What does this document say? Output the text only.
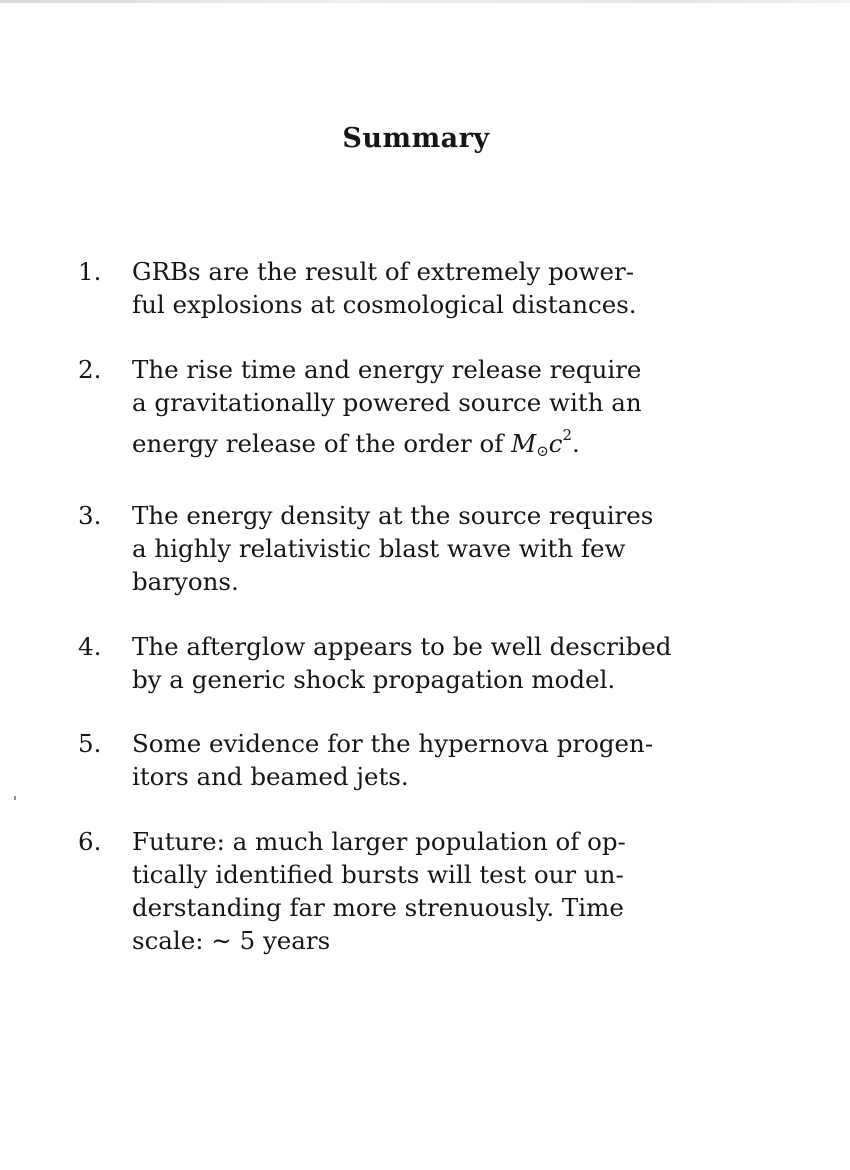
Summary
1.	GRBs are the result of extremely power-
ful explosions at cosmological distances.
2.	The rise time and energy release require
a gravitationally powered source with an
energy release of the order of $M⊙c^2$.
3.	The energy density at the source requires
a highly relativistic blast wave with few
baryons.
4.	The afterglow appears to be well described
by a generic shock propagation model.
5.	Some evidence for the hypernova progen-
itors and beamed jets.
6.	Future: a much larger population of op-
tically identified bursts will test our un-
derstanding far more strenuously. Time
scale: ∼ 5 years
